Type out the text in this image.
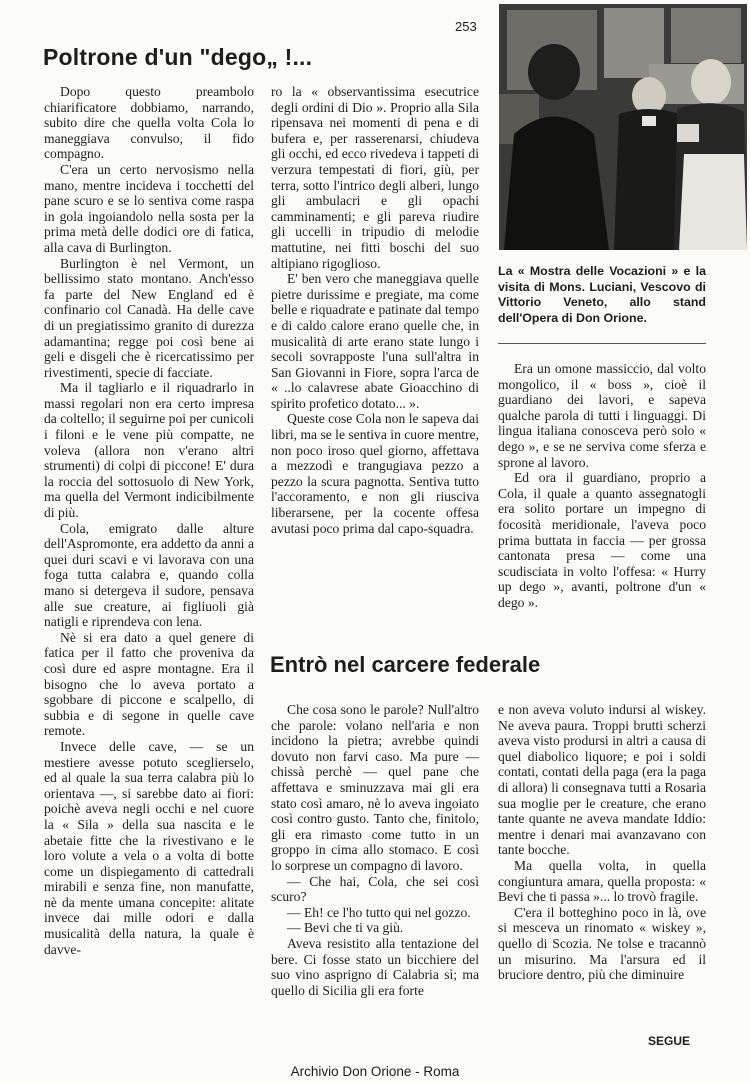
253
Poltrone d'un "dego„ !...
La « Mostra delle Vocazioni » e la visita di Mons. Luciani, Vescovo di Vittorio Veneto, allo stand dell'Opera di Don Orione.

Dopo questo preambolo chiarificatore dobbiamo, narrando, subito dire che quella volta Cola lo maneggiava convulso, il fido compagno.

C'era un certo nervosismo nella mano, mentre incideva i tocchetti del pane scuro e se lo sentiva come raspa in gola ingoiandolo nella sosta per la prima metà delle dodici ore di fatica, alla cava di Burlington.

Burlington è nel Vermont, un bellissimo stato montano. Anch'esso fa parte del New England ed è confinario col Canadà. Ha delle cave di un pregiatissimo granito di durezza adamantina; regge poi così bene ai geli e disgeli che è ricercatissimo per rivestimenti, specie di facciate.

Ma il tagliarlo e il riquadrarlo in massi regolari non era certo impresa da coltello; il seguirne poi per cunicoli i filoni e le vene più compatte, ne voleva (allora non v'erano altri strumenti) di colpi di piccone! E' dura la roccia del sottosuolo di New York, ma quella del Vermont indicibilmente di più.

Cola, emigrato dalle alture dell'Aspromonte, era addetto da anni a quei duri scavi e vi lavorava con una foga tutta calabra e, quando colla mano si detergeva il sudore, pensava alle sue creature, ai figliuoli già natigli e riprendeva con lena.

Nè si era dato a quel genere di fatica per il fatto che proveniva da così dure ed aspre montagne. Era il bisogno che lo aveva portato a sgobbare di piccone e scalpello, di subbia e di segone in quelle cave remote.

Invece delle cave, — se un mestiere avesse potuto sceglierselo, ed al quale la sua terra calabra più lo orientava —, si sarebbe dato ai fiori: poichè aveva negli occhi e nel cuore la « Sila » della sua nascita e le abetaie fitte che la rivestivano e le loro volute a vela o a volta di botte come un dispiegamento di cattedrali mirabili e senza fine, non manufatte, nè da mente umana concepite: alitate invece dai mille odori e dalla musicalità della natura, la quale è davve-

ro la « observantissima esecutrice degli ordini di Dio ». Proprio alla Sila ripensava nei momenti di pena e di bufera e, per rasserenarsi, chiudeva gli occhi, ed ecco rivedeva i tappeti di verzura tempestati di fiori, giù, per terra, sotto l'intrico degli alberi, lungo gli ambulacri e gli opachi camminamenti; e gli pareva riudire gli uccelli in tripudio di melodie mattutine, nei fitti boschi del suo altipiano rigoglioso.

E' ben vero che maneggiava quelle pietre durissime e pregiate, ma come belle e riquadrate e patinate dal tempo e di caldo calore erano quelle che, in musicalità di arte erano state lungo i secoli sovrapposte l'una sull'altra in San Giovanni in Fiore, sopra l'arca de « ..lo calavrese abate Gioacchino di spirito profetico dotato... ».

Queste cose Cola non le sapeva dai libri, ma se le sentiva in cuore mentre, non poco iroso quel giorno, affettava a mezzodì e trangugiava pezzo a pezzo la scura pagnotta. Sentiva tutto l'accoramento, e non gli riusciva liberarsene, per la cocente offesa avutasi poco prima dal capo-squadra.

Era un omone massiccio, dal volto mongolico, il « boss », cioè il guardiano dei lavori, e sapeva qualche parola di tutti i linguaggi. Di lingua italiana conosceva però solo « dego », e se ne serviva come sferza e sprone al lavoro.

Ed ora il guardiano, proprio a Cola, il quale a quanto assegnatogli era solito portare un impegno di focosità meridionale, l'aveva poco prima buttata in faccia — per grossa cantonata presa — come una scudisciata in volto l'offesa: « Hurry up dego », avanti, poltrone d'un « dego ».

Entrò nel carcere federale

Che cosa sono le parole? Null'altro che parole: volano nell'aria e non incidono la pietra; avrebbe quindi dovuto non farvi caso. Ma pure — chissà perchè — quel pane che affettava e sminuzzava mai gli era stato così amaro, nè lo aveva ingoiato così contro gusto. Tanto che, finitolo, gli era rimasto come tutto in un groppo in cima allo stomaco. E così lo sorprese un compagno di lavoro.

— Che hai, Cola, che sei così scuro?

— Eh! ce l'ho tutto qui nel gozzo.

— Bevi che ti va giù.

Aveva resistito alla tentazione del bere. Ci fosse stato un bicchiere del suo vino asprigno di Calabria sì; ma quello di Sicilia gli era forte

e non aveva voluto indursi al wiskey. Ne aveva paura. Troppi brutti scherzi aveva visto prodursi in altri a causa di quel diabolico liquore; e poi i soldi contati, contati della paga (era la paga di allora) li consegnava tutti a Rosaria sua moglie per le creature, che erano tante quante ne aveva mandate Iddio: mentre i denari mai avanzavano con tante bocche.

Ma quella volta, in quella congiuntura amara, quella proposta: « Bevi che ti passa »... lo trovò fragile.

C'era il botteghino poco in là, ove si mesceva un rinomato « wiskey », quello di Scozia. Ne tolse e tracannò un misurino. Ma l'arsura ed il bruciore dentro, più che diminuire

SEGUE
Archivio Don Orione - Roma
